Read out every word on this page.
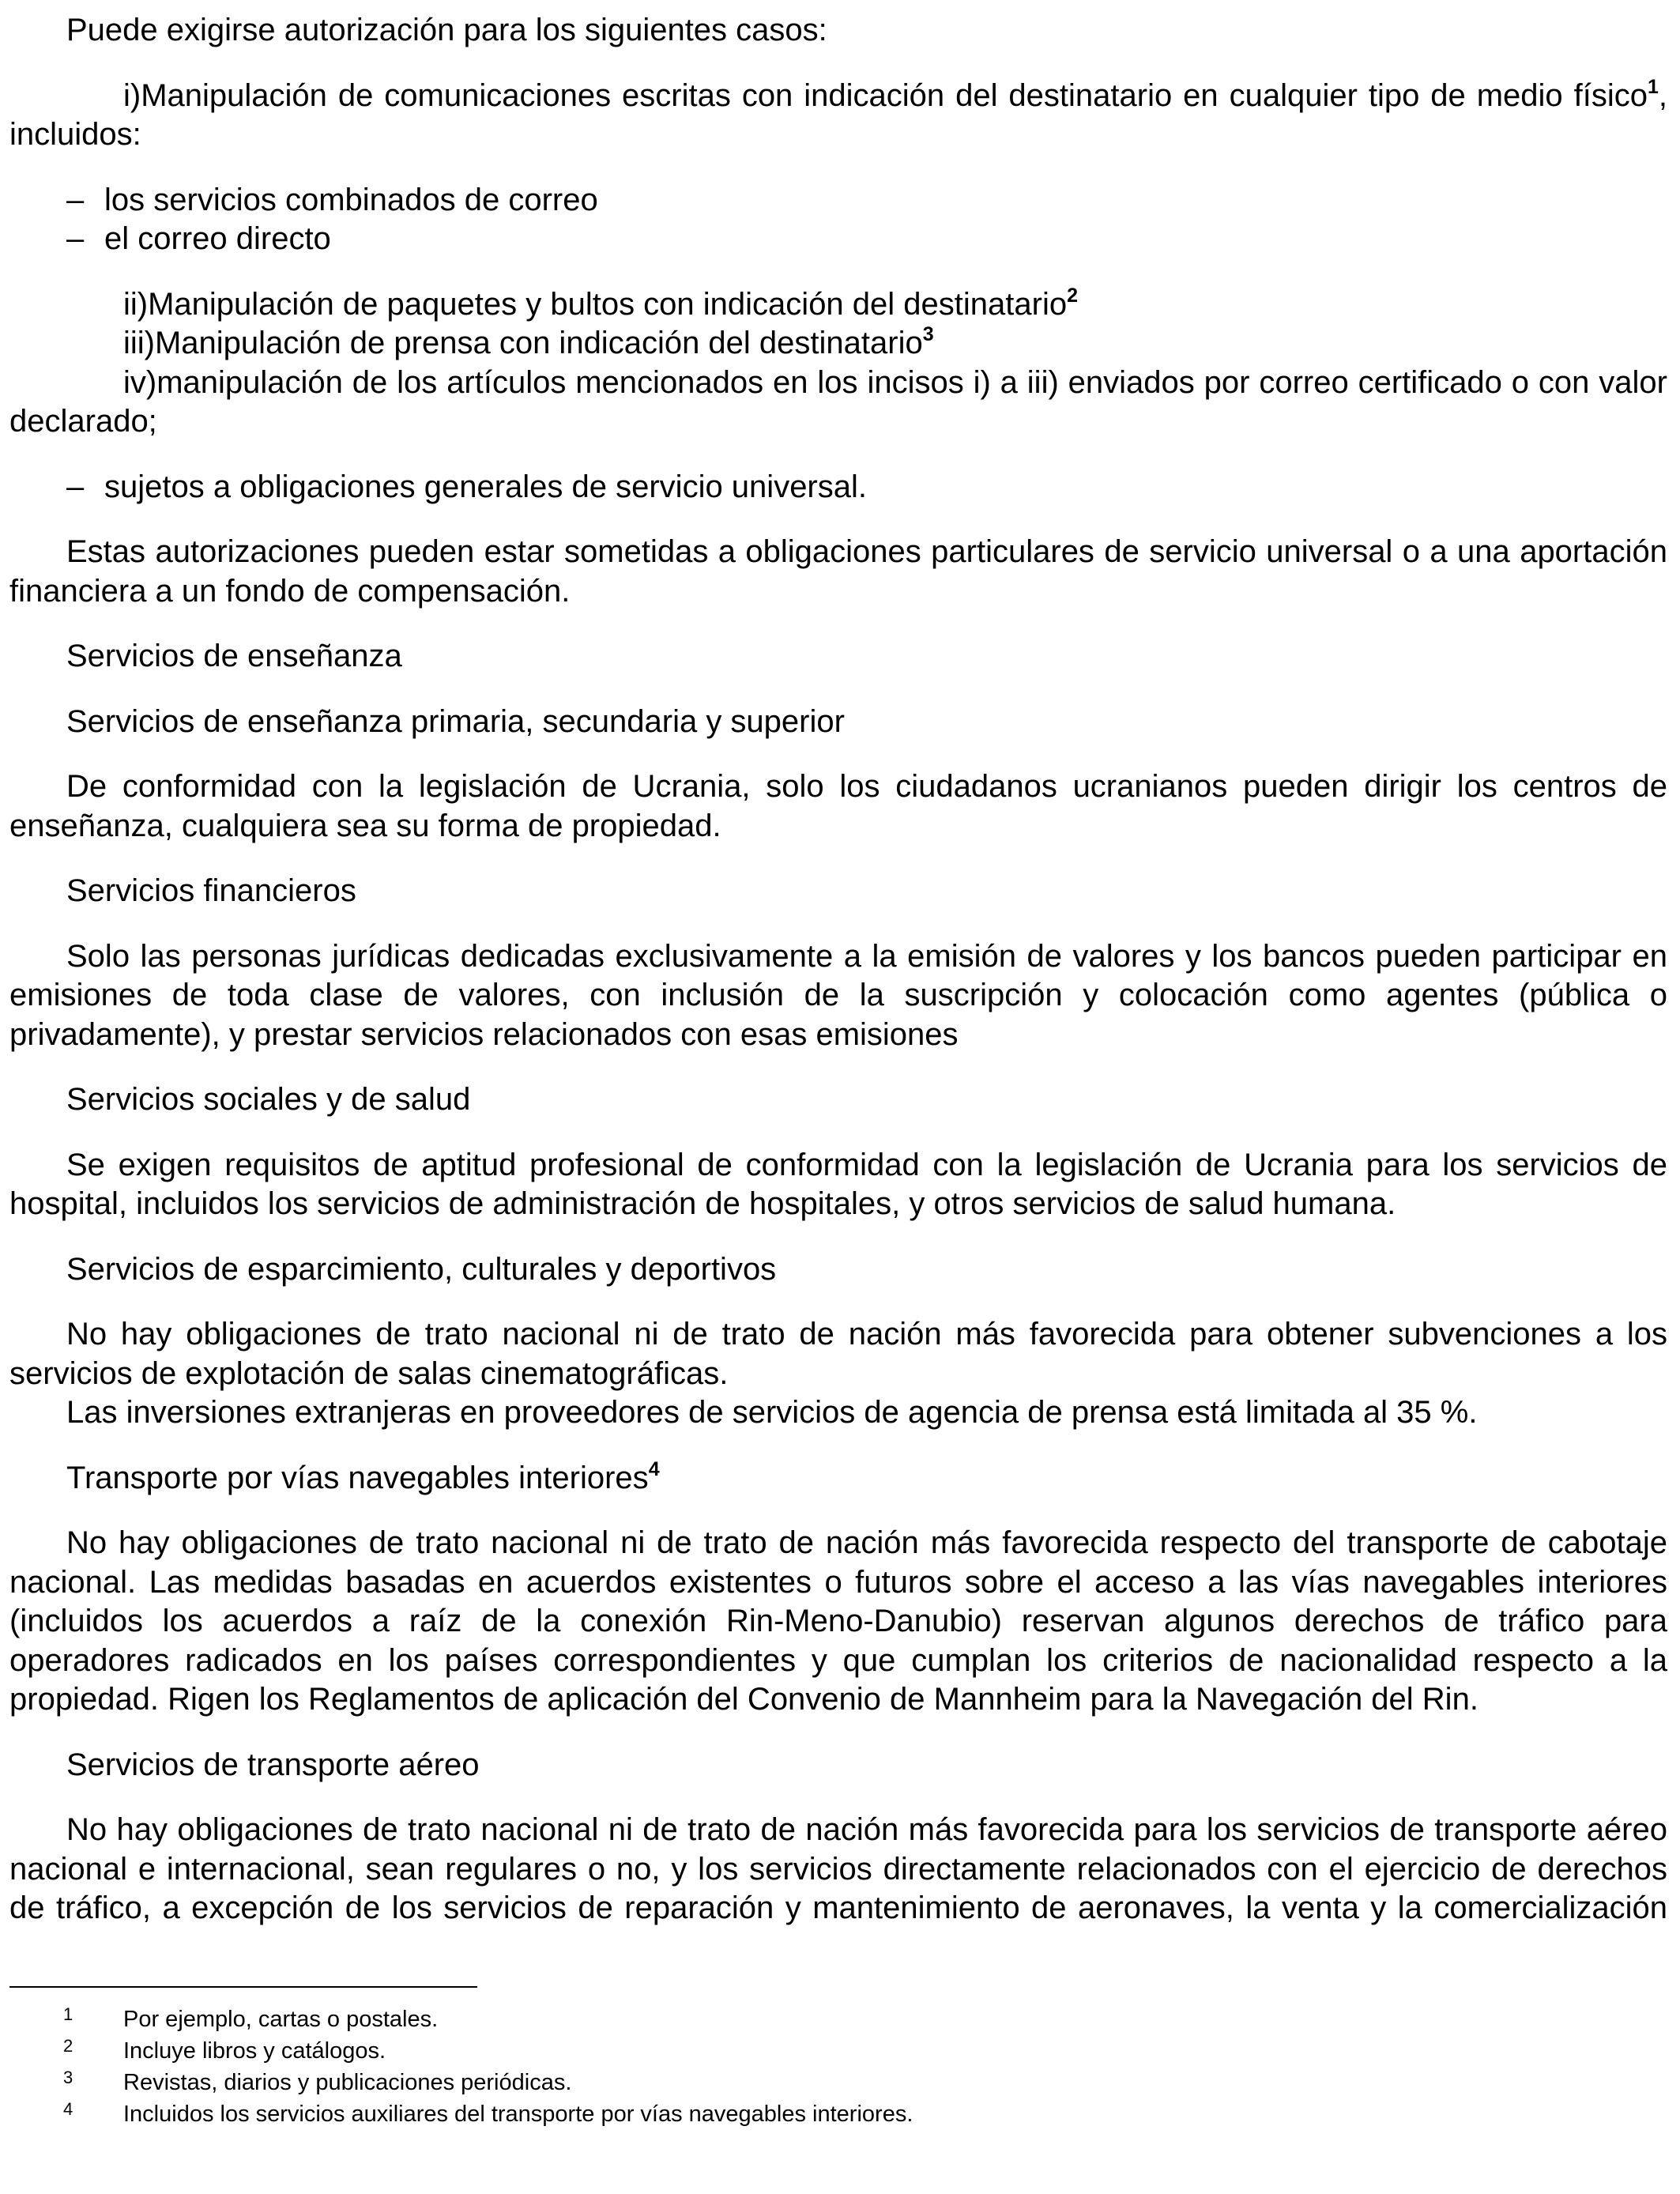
Puede exigirse autorización para los siguientes casos:

i)Manipulación de comunicaciones escritas con indicación del destinatario en cualquier tipo de medio físico$^1$, incluidos:

– los servicios combinados de correo

– el correo directo

ii)Manipulación de paquetes y bultos con indicación del destinatario$^2$

iii)Manipulación de prensa con indicación del destinatario$^3$

iv)manipulación de los artículos mencionados en los incisos i) a iii) enviados por correo certificado o con valor declarado;

– sujetos a obligaciones generales de servicio universal.

Estas autorizaciones pueden estar sometidas a obligaciones particulares de servicio universal o a una aportación financiera a un fondo de compensación.

Servicios de enseñanza

Servicios de enseñanza primaria, secundaria y superior

De conformidad con la legislación de Ucrania, solo los ciudadanos ucranianos pueden dirigir los centros de enseñanza, cualquiera sea su forma de propiedad.

Servicios financieros

Solo las personas jurídicas dedicadas exclusivamente a la emisión de valores y los bancos pueden participar en emisiones de toda clase de valores, con inclusión de la suscripción y colocación como agentes (pública o privadamente), y prestar servicios relacionados con esas emisiones

Servicios sociales y de salud

Se exigen requisitos de aptitud profesional de conformidad con la legislación de Ucrania para los servicios de hospital, incluidos los servicios de administración de hospitales, y otros servicios de salud humana.

Servicios de esparcimiento, culturales y deportivos

No hay obligaciones de trato nacional ni de trato de nación más favorecida para obtener subvenciones a los servicios de explotación de salas cinematográficas.

Las inversiones extranjeras en proveedores de servicios de agencia de prensa está limitada al 35 %.

Transporte por vías navegables interiores$^4$

No hay obligaciones de trato nacional ni de trato de nación más favorecida respecto del transporte de cabotaje nacional. Las medidas basadas en acuerdos existentes o futuros sobre el acceso a las vías navegables interiores (incluidos los acuerdos a raíz de la conexión Rin-Meno-Danubio) reservan algunos derechos de tráfico para operadores radicados en los países correspondientes y que cumplan los criterios de nacionalidad respecto a la propiedad. Rigen los Reglamentos de aplicación del Convenio de Mannheim para la Navegación del Rin.

Servicios de transporte aéreo

No hay obligaciones de trato nacional ni de trato de nación más favorecida para los servicios de transporte aéreo nacional e internacional, sean regulares o no, y los servicios directamente relacionados con el ejercicio de derechos de tráfico, a excepción de los servicios de reparación y mantenimiento de aeronaves, la venta y la comercialización

1	Por ejemplo, cartas o postales.

2	Incluye libros y catálogos.

3	Revistas, diarios y publicaciones periódicas.

4	Incluidos los servicios auxiliares del transporte por vías navegables interiores.
